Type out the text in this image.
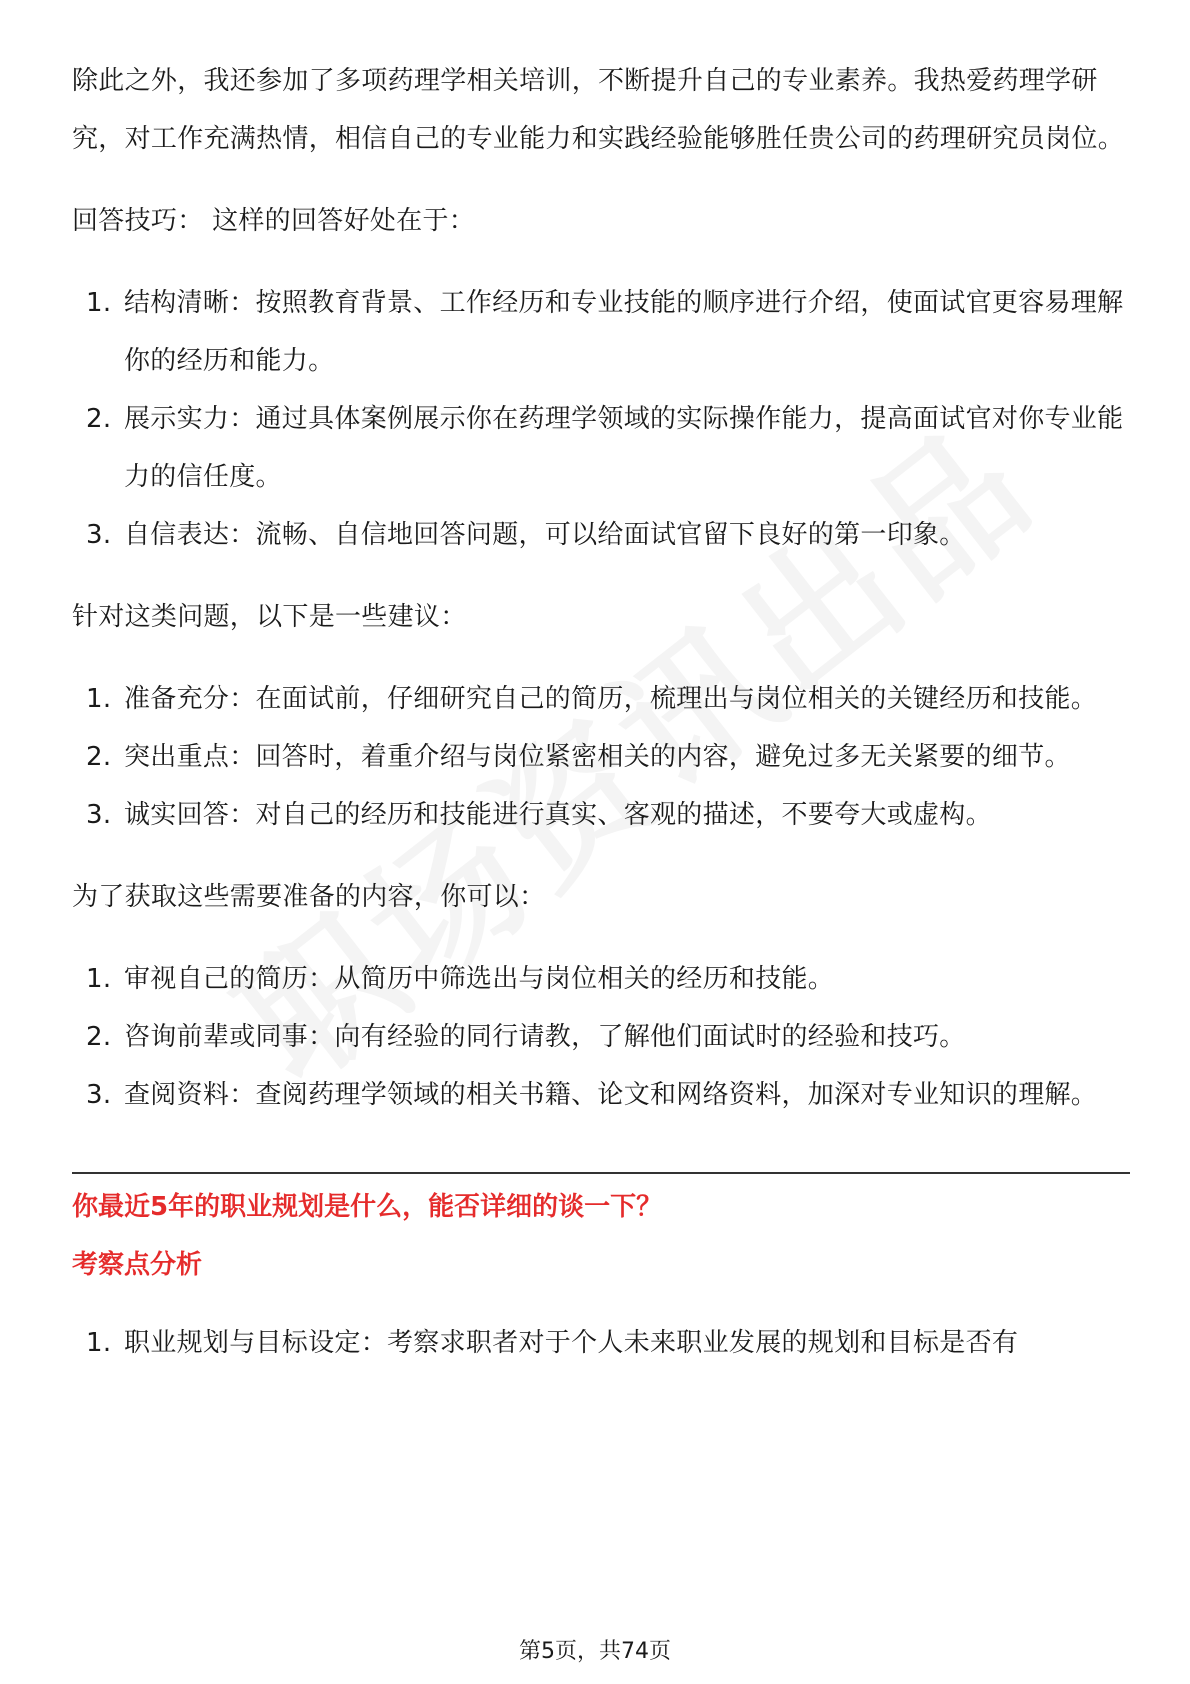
除此之外，我还参加了多项药理学相关培训，不断提升自己的专业素养。我热爱药理学研究，对工作充满热情，相信自己的专业能力和实践经验能够胜任贵公司的药理研究员岗位。

回答技巧： 这样的回答好处在于：

1. 结构清晰：按照教育背景、工作经历和专业技能的顺序进行介绍，使面试官更容易理解你的经历和能力。
2. 展示实力：通过具体案例展示你在药理学领域的实际操作能力，提高面试官对你专业能力的信任度。
3. 自信表达：流畅、自信地回答问题，可以给面试官留下良好的第一印象。

针对这类问题，以下是一些建议：

1. 准备充分：在面试前，仔细研究自己的简历，梳理出与岗位相关的关键经历和技能。
2. 突出重点：回答时，着重介绍与岗位紧密相关的内容，避免过多无关紧要的细节。
3. 诚实回答：对自己的经历和技能进行真实、客观的描述，不要夸大或虚构。

为了获取这些需要准备的内容，你可以：

1. 审视自己的简历：从简历中筛选出与岗位相关的经历和技能。
2. 咨询前辈或同事：向有经验的同行请教，了解他们面试时的经验和技巧。
3. 查阅资料：查阅药理学领域的相关书籍、论文和网络资料，加深对专业知识的理解。

你最近5年的职业规划是什么，能否详细的谈一下？

考察点分析

1. 职业规划与目标设定：考察求职者对于个人未来职业发展的规划和目标是否有
第5页，共74页
